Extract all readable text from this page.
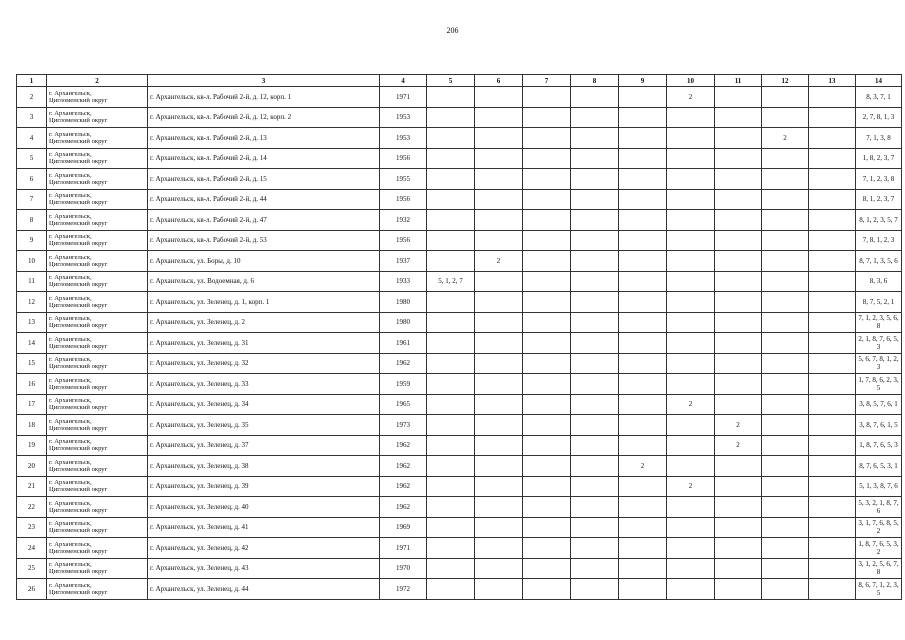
206
1	2	3	4	5	6	7	8	9	10	11	12	13	14
2	г. Архангельск,
Цигломенский округ	г. Архангельск, кв-л. Рабочий 2-й, д. 12, корп. 1	1971						2				8, 3, 7, 1
3	г. Архангельск,
Цигломенский округ	г. Архангельск, кв-л. Рабочий 2-й, д. 12, корп. 2	1953										2, 7, 8, 1, 3
4	г. Архангельск,
Цигломенский округ	г. Архангельск, кв-л. Рабочий 2-й, д. 13	1953								2		7, 1, 3, 8
5	г. Архангельск,
Цигломенский округ	г. Архангельск, кв-л. Рабочий 2-й, д. 14	1956										1, 8, 2, 3, 7
6	г. Архангельск,
Цигломенский округ	г. Архангельск, кв-л. Рабочий 2-й, д. 15	1955										7, 1, 2, 3, 8
7	г. Архангельск,
Цигломенский округ	г. Архангельск, кв-л. Рабочий 2-й, д. 44	1956										8, 1, 2, 3, 7
8	г. Архангельск,
Цигломенский округ	г. Архангельск, кв-л. Рабочий 2-й, д. 47	1932										8, 1, 2, 3, 5, 7
9	г. Архангельск,
Цигломенский округ	г. Архангельск, кв-л. Рабочий 2-й, д. 53	1956										7, 8, 1, 2, 3
10	г. Архангельск,
Цигломенский округ	г. Архангельск, ул. Боры, д. 10	1937		2								8, 7, 1, 3, 5, 6
11	г. Архангельск,
Цигломенский округ	г. Архангельск, ул. Водоемная, д. 6	1933	5, 1, 2, 7									8, 3, 6
12	г. Архангельск,
Цигломенский округ	г. Архангельск, ул. Зеленец, д. 1, корп. 1	1980										8, 7, 5, 2, 1
13	г. Архангельск,
Цигломенский округ	г. Архангельск, ул. Зеленец, д. 2	1980										7, 1, 2, 3, 5, 6, 8
14	г. Архангельск,
Цигломенский округ	г. Архангельск, ул. Зеленец, д. 31	1961										2, 1, 8, 7, 6, 5, 3
15	г. Архангельск,
Цигломенский округ	г. Архангельск, ул. Зеленец, д. 32	1962										5, 6, 7, 8, 1, 2, 3
16	г. Архангельск,
Цигломенский округ	г. Архангельск, ул. Зеленец, д. 33	1959										1, 7, 8, 6, 2, 3, 5
17	г. Архангельск,
Цигломенский округ	г. Архангельск, ул. Зеленец, д. 34	1965						2				3, 8, 5, 7, 6, 1
18	г. Архангельск,
Цигломенский округ	г. Архангельск, ул. Зеленец, д. 35	1973							2			3, 8, 7, 6, 1, 5
19	г. Архангельск,
Цигломенский округ	г. Архангельск, ул. Зеленец, д. 37	1962							2			1, 8, 7, 6, 5, 3
20	г. Архангельск,
Цигломенский округ	г. Архангельск, ул. Зеленец, д. 38	1962					2					8, 7, 6, 5, 3, 1
21	г. Архангельск,
Цигломенский округ	г. Архангельск, ул. Зеленец, д. 39	1962						2				5, 1, 3, 8, 7, 6
22	г. Архангельск,
Цигломенский округ	г. Архангельск, ул. Зеленец, д. 40	1962										5, 3, 2, 1, 8, 7, 6
23	г. Архангельск,
Цигломенский округ	г. Архангельск, ул. Зеленец, д. 41	1969										3, 1, 7, 6, 8, 5, 2
24	г. Архангельск,
Цигломенский округ	г. Архангельск, ул. Зеленец, д. 42	1971										1, 8, 7, 6, 5, 3, 2
25	г. Архангельск,
Цигломенский округ	г. Архангельск, ул. Зеленец, д. 43	1970										3, 1, 2, 5, 6, 7, 8
26	г. Архангельск,
Цигломенский округ	г. Архангельск, ул. Зеленец, д. 44	1972										8, 6, 7, 1, 2, 3, 5
